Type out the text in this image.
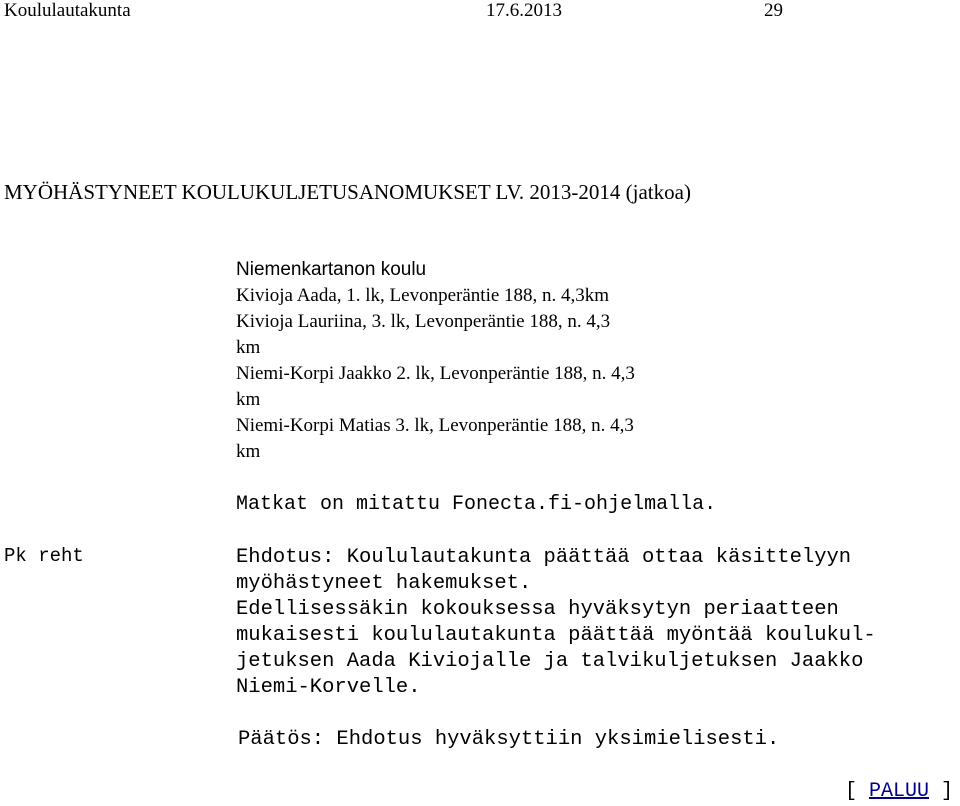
Koululautakunta	17.6.2013	29
MYÖHÄSTYNEET KOULUKULJETUSANOMUKSET LV. 2013-2014 (jatkoa)
Niemenkartanon koulu
Kivioja Aada, 1. lk, Levonperäntie 188, n. 4,3km
Kivioja Lauriina, 3. lk, Levonperäntie 188, n. 4,3
km
Niemi-Korpi Jaakko 2. lk, Levonperäntie 188, n. 4,3
km
Niemi-Korpi Matias 3. lk, Levonperäntie 188, n. 4,3
km
Matkat on mitattu Fonecta.fi-ohjelmalla.
Pk reht	Ehdotus: Koululautakunta päättää ottaa käsittelyyn
myöhästyneet hakemukset.
Edellisessäkin kokouksessa hyväksytyn periaatteen
mukaisesti koululautakunta päättää myöntää koulukul-
jetuksen Aada Kiviojalle ja talvikuljetuksen Jaakko
Niemi-Korvelle.
Päätös: Ehdotus hyväksyttiin yksimielisesti.
[ PALUU ]
